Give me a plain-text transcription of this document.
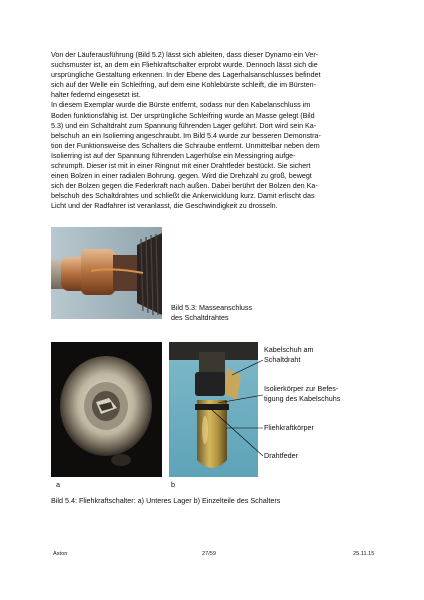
Von der Läuferausführung (Bild 5.2) lässt sich ableiten, dass dieser Dynamo ein Ver-
suchsmuster ist, an dem ein Fliehkraftschalter erprobt wurde. Dennoch lässt sich die
ursprüngliche Gestaltung erkennen. In der Ebene des Lagerhalsanschlusses befindet
sich auf der Welle ein Schleifring, auf dem eine Kohlebürste schleift, die im Bürsten-
halter federnd eingesetzt ist.
In diesem Exemplar wurde die Bürste entfernt, sodass nur den Kabelanschluss im
Boden funktionsfähig ist. Der ursprüngliche Schleifring wurde an Masse gelegt (Bild
5.3) und ein Schaltdraht zum Spannung führenden Lager geführt. Dort wird sein Ka-
belschuh an ein Isolierring angeschraubt. Im Bild 5.4 wurde zur besseren Demonstra-
tion der Funktionsweise des Schalters die Schraube entfernt. Unmittelbar neben dem
Isolierring ist auf der Spannung führenden Lagerhülse ein Messingring aufge-
schrumpft. Dieser ist mit in einer Ringnut mit einer Drahtfeder bestückt. Sie sichert
einen Bolzen in einer radialen Bohrung. gegen. Wird die Drehzahl zu groß, bewegt
sich der Bolzen gegen die Federkraft nach außen. Dabei berührt der Bolzen den Ka-
belschuh des Schaltdrahtes und schließt die Ankerwicklung kurz. Damit erlischt das
Licht und der Radfahrer ist veranlasst, die Geschwindigkeit zu drosseln.
Bild 5.3: Masseanschluss
des Schaltdrahtes
a	b
Kabelschuh am
Schaltdraht
Isolierkörper zur Befes-
tigung des Kabelschuhs
Fliehkraftkörper
Drahtfeder
Bild 5.4: Fliehkraftschalter: a) Unteres Lager b) Einzelteile des Schalters
Aston	27/59	25.11.15
